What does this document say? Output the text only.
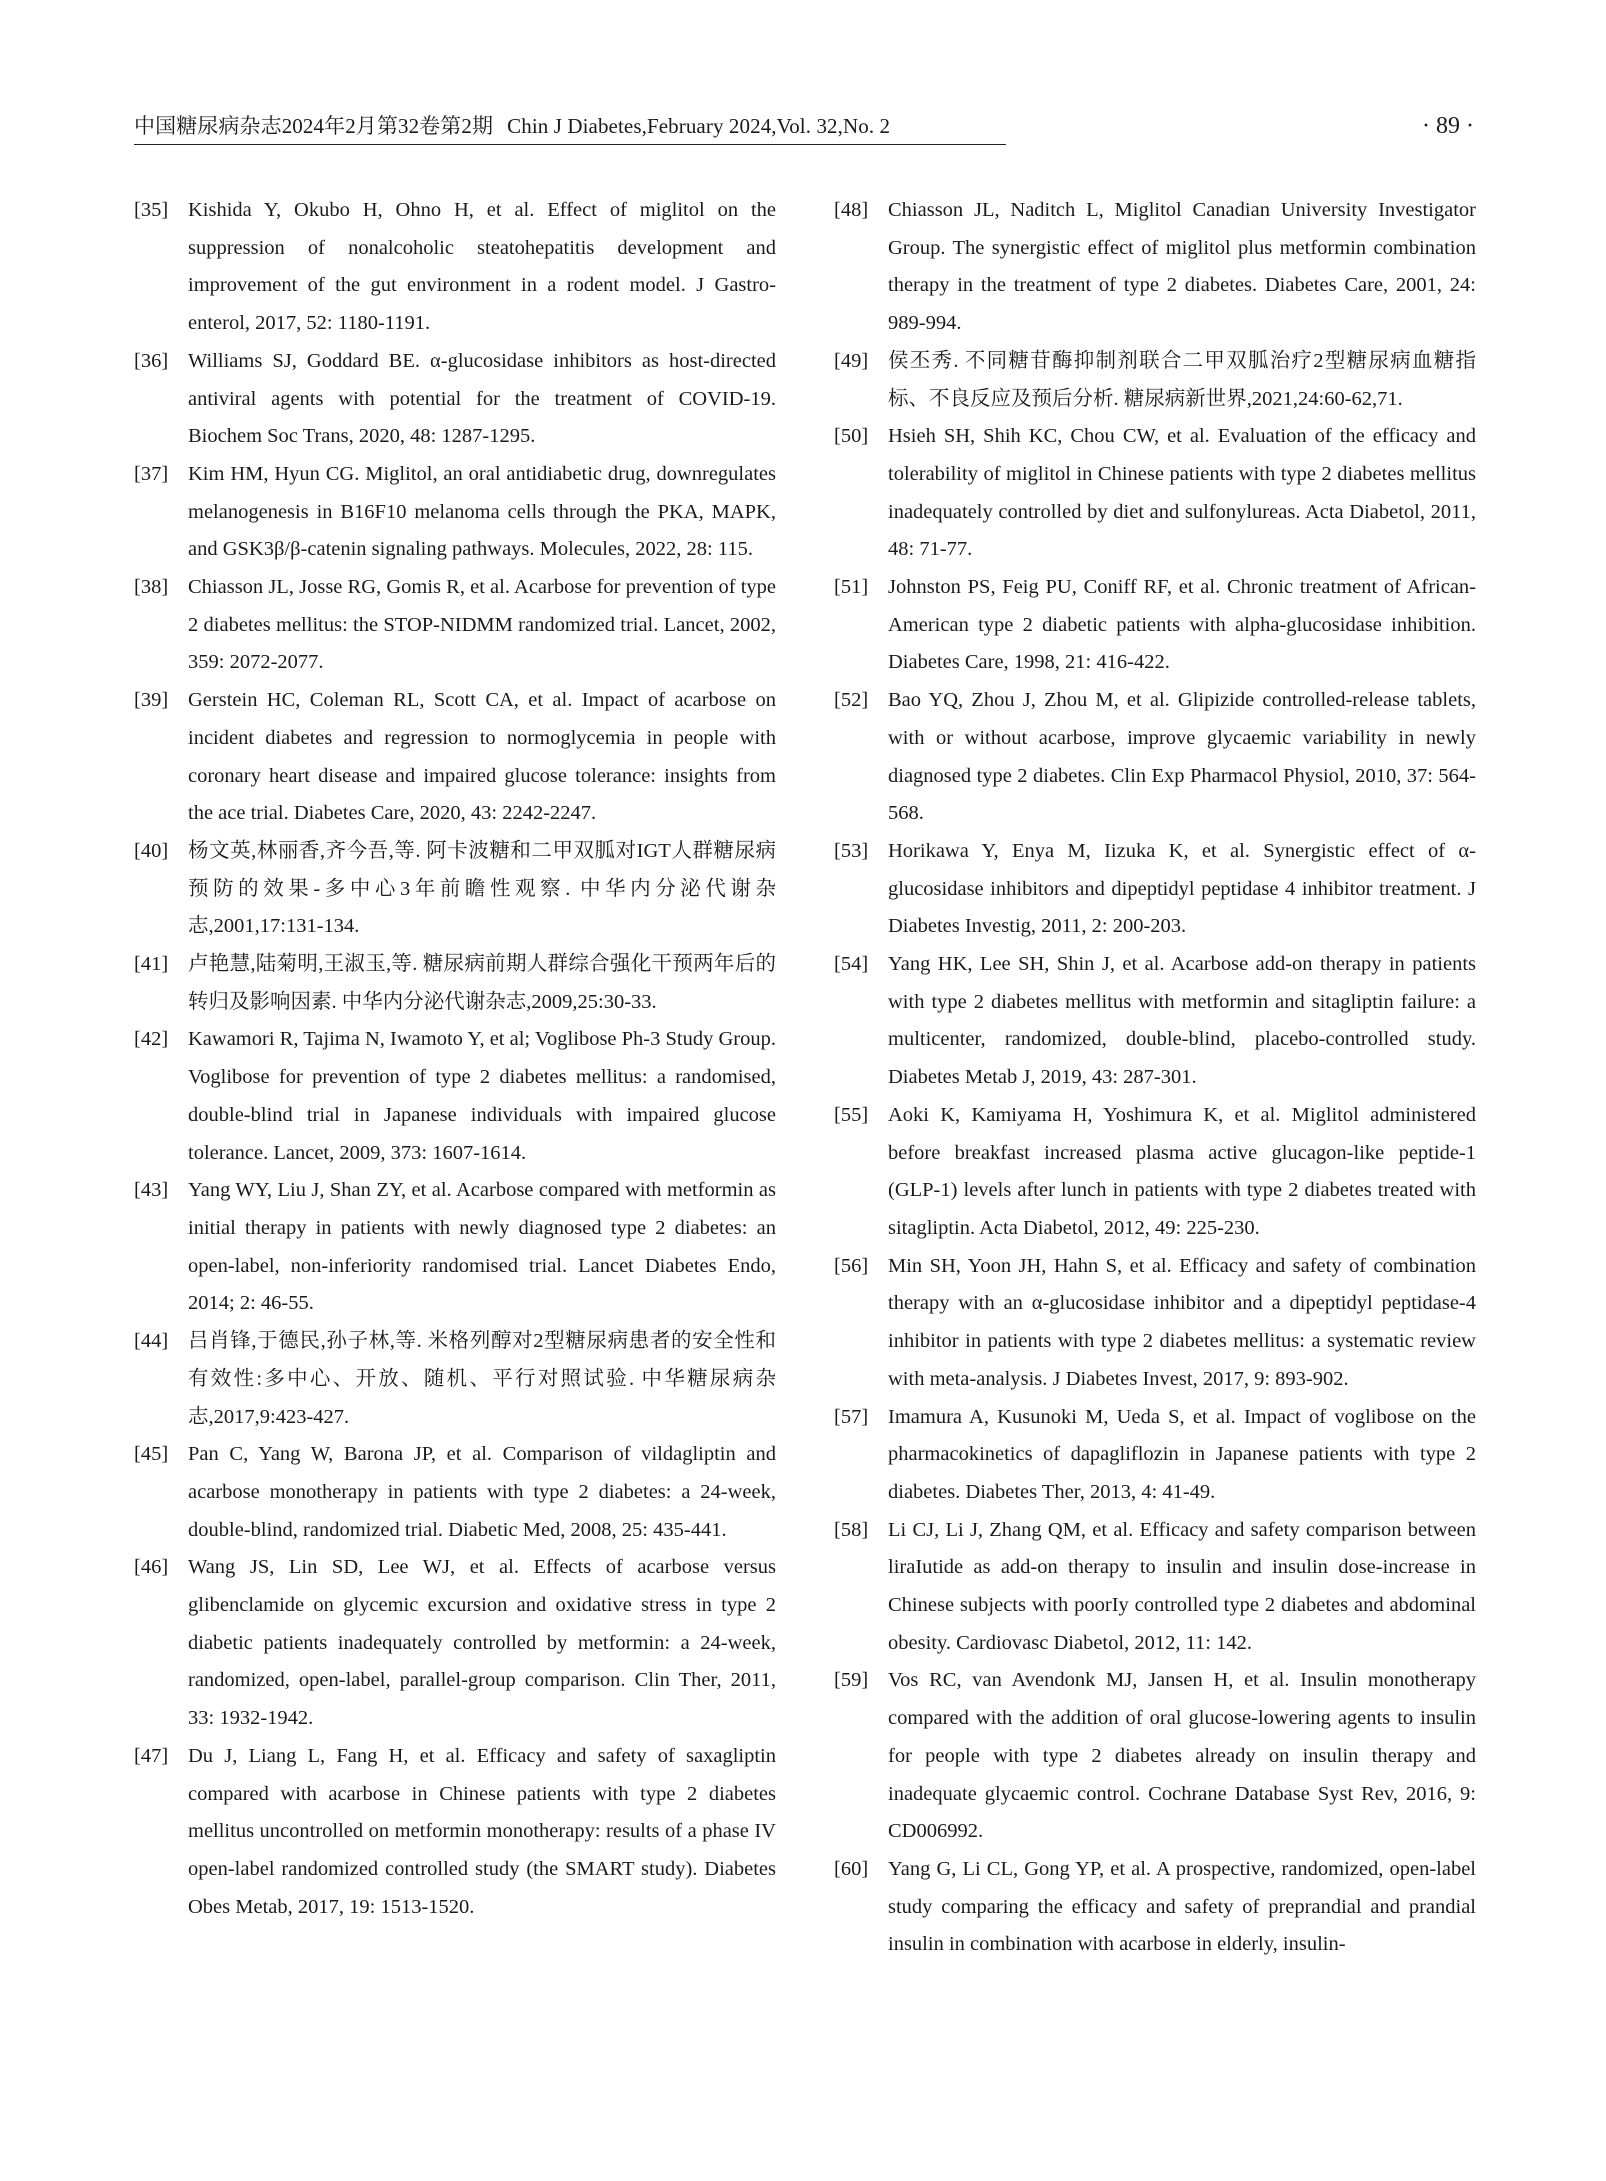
中国糖尿病杂志2024年2月第32卷第2期 Chin J Diabetes,February 2024,Vol. 32,No. 2	· 89 ·
[35] Kishida Y, Okubo H, Ohno H, et al. Effect of miglitol on the suppression of nonalcoholic steatohepatitis development and improvement of the gut environment in a rodent model. J Gastro-enterol, 2017, 52: 1180-1191.
[36] Williams SJ, Goddard BE. α-glucosidase inhibitors as host-directed antiviral agents with potential for the treatment of COVID-19. Biochem Soc Trans, 2020, 48: 1287-1295.
[37] Kim HM, Hyun CG. Miglitol, an oral antidiabetic drug, downregulates melanogenesis in B16F10 melanoma cells through the PKA, MAPK, and GSK3β/β-catenin signaling pathways. Molecules, 2022, 28: 115.
[38] Chiasson JL, Josse RG, Gomis R, et al. Acarbose for prevention of type 2 diabetes mellitus: the STOP-NIDMM randomized trial. Lancet, 2002, 359: 2072-2077.
[39] Gerstein HC, Coleman RL, Scott CA, et al. Impact of acarbose on incident diabetes and regression to normoglycemia in people with coronary heart disease and impaired glucose tolerance: insights from the ace trial. Diabetes Care, 2020, 43: 2242-2247.
[40] 杨文英,林丽香,齐今吾,等. 阿卡波糖和二甲双胍对IGT人群糖尿病预防的效果-多中心3年前瞻性观察. 中华内分泌代谢杂志,2001,17:131-134.
[41] 卢艳慧,陆菊明,王淑玉,等. 糖尿病前期人群综合强化干预两年后的转归及影响因素. 中华内分泌代谢杂志,2009,25:30-33.
[42] Kawamori R, Tajima N, Iwamoto Y, et al; Voglibose Ph-3 Study Group. Voglibose for prevention of type 2 diabetes mellitus: a randomised, double-blind trial in Japanese individuals with impaired glucose tolerance. Lancet, 2009, 373: 1607-1614.
[43] Yang WY, Liu J, Shan ZY, et al. Acarbose compared with metformin as initial therapy in patients with newly diagnosed type 2 diabetes: an open-label, non-inferiority randomised trial. Lancet Diabetes Endo, 2014; 2: 46-55.
[44] 吕肖锋,于德民,孙子林,等. 米格列醇对2型糖尿病患者的安全性和有效性:多中心、开放、随机、平行对照试验. 中华糖尿病杂志,2017,9:423-427.
[45] Pan C, Yang W, Barona JP, et al. Comparison of vildagliptin and acarbose monotherapy in patients with type 2 diabetes: a 24-week, double-blind, randomized trial. Diabetic Med, 2008, 25: 435-441.
[46] Wang JS, Lin SD, Lee WJ, et al. Effects of acarbose versus glibenclamide on glycemic excursion and oxidative stress in type 2 diabetic patients inadequately controlled by metformin: a 24-week, randomized, open-label, parallel-group comparison. Clin Ther, 2011, 33: 1932-1942.
[47] Du J, Liang L, Fang H, et al. Efficacy and safety of saxagliptin compared with acarbose in Chinese patients with type 2 diabetes mellitus uncontrolled on metformin monotherapy: results of a phase IV open-label randomized controlled study (the SMART study). Diabetes Obes Metab, 2017, 19: 1513-1520.
[48] Chiasson JL, Naditch L, Miglitol Canadian University Investigator Group. The synergistic effect of miglitol plus metformin combination therapy in the treatment of type 2 diabetes. Diabetes Care, 2001, 24: 989-994.
[49] 侯丕秀. 不同糖苷酶抑制剂联合二甲双胍治疗2型糖尿病血糖指标、不良反应及预后分析. 糖尿病新世界,2021,24:60-62,71.
[50] Hsieh SH, Shih KC, Chou CW, et al. Evaluation of the efficacy and tolerability of miglitol in Chinese patients with type 2 diabetes mellitus inadequately controlled by diet and sulfonylureas. Acta Diabetol, 2011, 48: 71-77.
[51] Johnston PS, Feig PU, Coniff RF, et al. Chronic treatment of African-American type 2 diabetic patients with alpha-glucosidase inhibition. Diabetes Care, 1998, 21: 416-422.
[52] Bao YQ, Zhou J, Zhou M, et al. Glipizide controlled-release tablets, with or without acarbose, improve glycaemic variability in newly diagnosed type 2 diabetes. Clin Exp Pharmacol Physiol, 2010, 37: 564-568.
[53] Horikawa Y, Enya M, Iizuka K, et al. Synergistic effect of α-glucosidase inhibitors and dipeptidyl peptidase 4 inhibitor treatment. J Diabetes Investig, 2011, 2: 200-203.
[54] Yang HK, Lee SH, Shin J, et al. Acarbose add-on therapy in patients with type 2 diabetes mellitus with metformin and sitagliptin failure: a multicenter, randomized, double-blind, placebo-controlled study. Diabetes Metab J, 2019, 43: 287-301.
[55] Aoki K, Kamiyama H, Yoshimura K, et al. Miglitol administered before breakfast increased plasma active glucagon-like peptide-1 (GLP-1) levels after lunch in patients with type 2 diabetes treated with sitagliptin. Acta Diabetol, 2012, 49: 225-230.
[56] Min SH, Yoon JH, Hahn S, et al. Efficacy and safety of combination therapy with an α-glucosidase inhibitor and a dipeptidyl peptidase-4 inhibitor in patients with type 2 diabetes mellitus: a systematic review with meta-analysis. J Diabetes Invest, 2017, 9: 893-902.
[57] Imamura A, Kusunoki M, Ueda S, et al. Impact of voglibose on the pharmacokinetics of dapagliflozin in Japanese patients with type 2 diabetes. Diabetes Ther, 2013, 4: 41-49.
[58] Li CJ, Li J, Zhang QM, et al. Efficacy and safety comparison between liraIutide as add-on therapy to insulin and insulin dose-increase in Chinese subjects with poorIy controlled type 2 diabetes and abdominal obesity. Cardiovasc Diabetol, 2012, 11: 142.
[59] Vos RC, van Avendonk MJ, Jansen H, et al. Insulin monotherapy compared with the addition of oral glucose-lowering agents to insulin for people with type 2 diabetes already on insulin therapy and inadequate glycaemic control. Cochrane Database Syst Rev, 2016, 9: CD006992.
[60] Yang G, Li CL, Gong YP, et al. A prospective, randomized, open-label study comparing the efficacy and safety of preprandial and prandial insulin in combination with acarbose in elderly, insulin-
